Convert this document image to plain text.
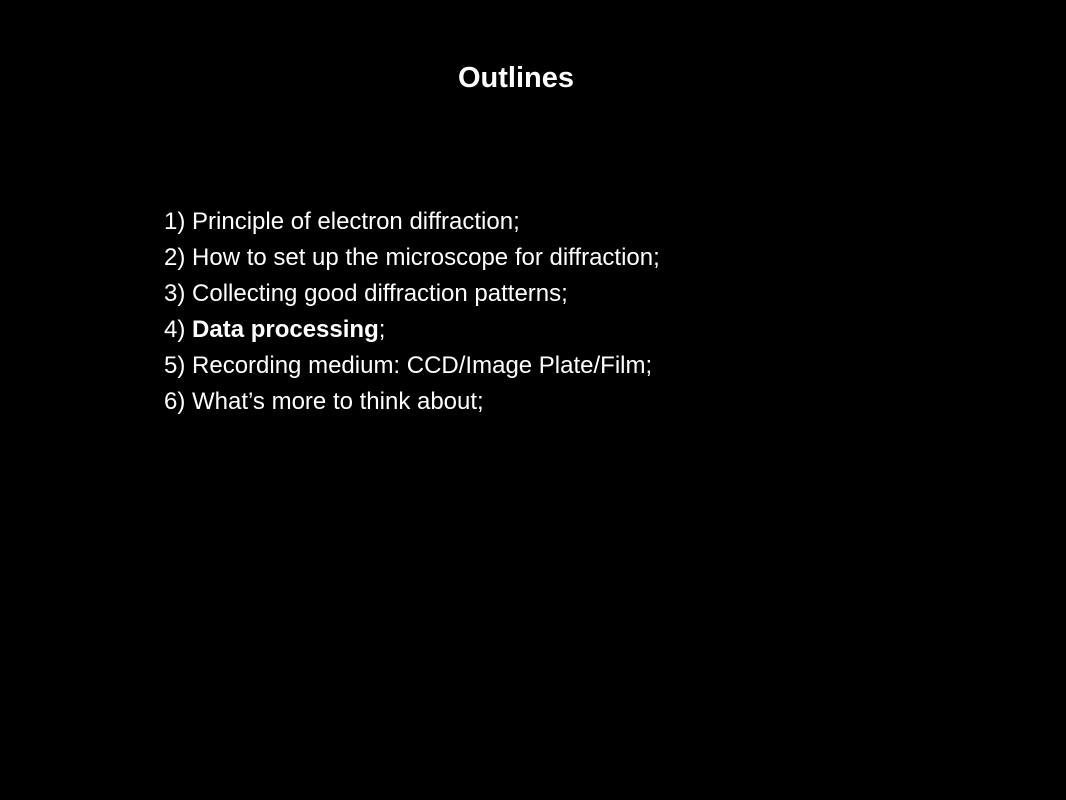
Outlines
1) Principle of electron diffraction;
2) How to set up the microscope for diffraction;
3) Collecting good diffraction patterns;
4) Data processing;
5) Recording medium: CCD/Image Plate/Film;
6) What’s more to think about;
